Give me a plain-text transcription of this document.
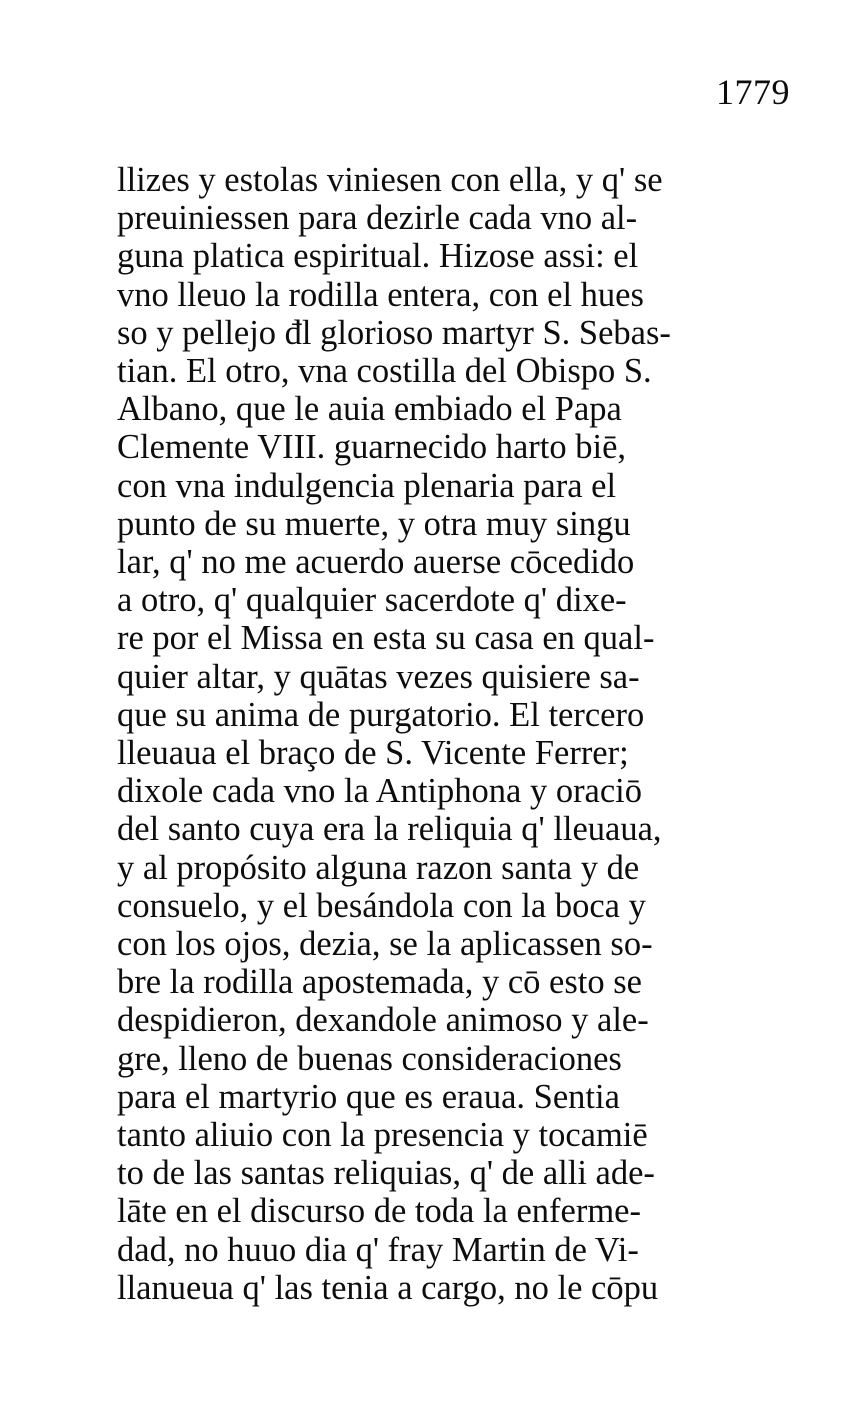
1779
llizes y estolas viniesen con ella, y q' se
preuiniessen para dezirle cada vno al-
guna platica espiritual. Hizose assi: el
vno lleuo la rodilla entera, con el hues
so y pellejo đl glorioso martyr S. Sebas-
tian. El otro, vna costilla del Obispo S.
Albano, que le auia embiado el Papa
Clemente VIII. guarnecido harto biē,
con vna indulgencia plenaria para el
punto de su muerte, y otra muy singu
lar, q' no me acuerdo auerse cōcedido
a otro, q' qualquier sacerdote q' dixe-
re por el Missa en esta su casa en qual-
quier altar, y quātas vezes quisiere sa-
que su anima de purgatorio. El tercero
lleuaua el braço de S. Vicente Ferrer;
dixole cada vno la Antiphona y oraciō
del santo cuya era la reliquia q' lleuaua,
y al propósito alguna razon santa y de
consuelo, y el besándola con la boca y
con los ojos, dezia, se la aplicassen so-
bre la rodilla apostemada, y cō esto se
despidieron, dexandole animoso y ale-
gre, lleno de buenas consideraciones
para el martyrio que es eraua. Sentia
tanto aliuio con la presencia y tocamiē
to de las santas reliquias, q' de alli ade-
lāte en el discurso de toda la enferme-
dad, no huuo dia q' fray Martin de Vi-
llanueua q' las tenia a cargo, no le cōpu
